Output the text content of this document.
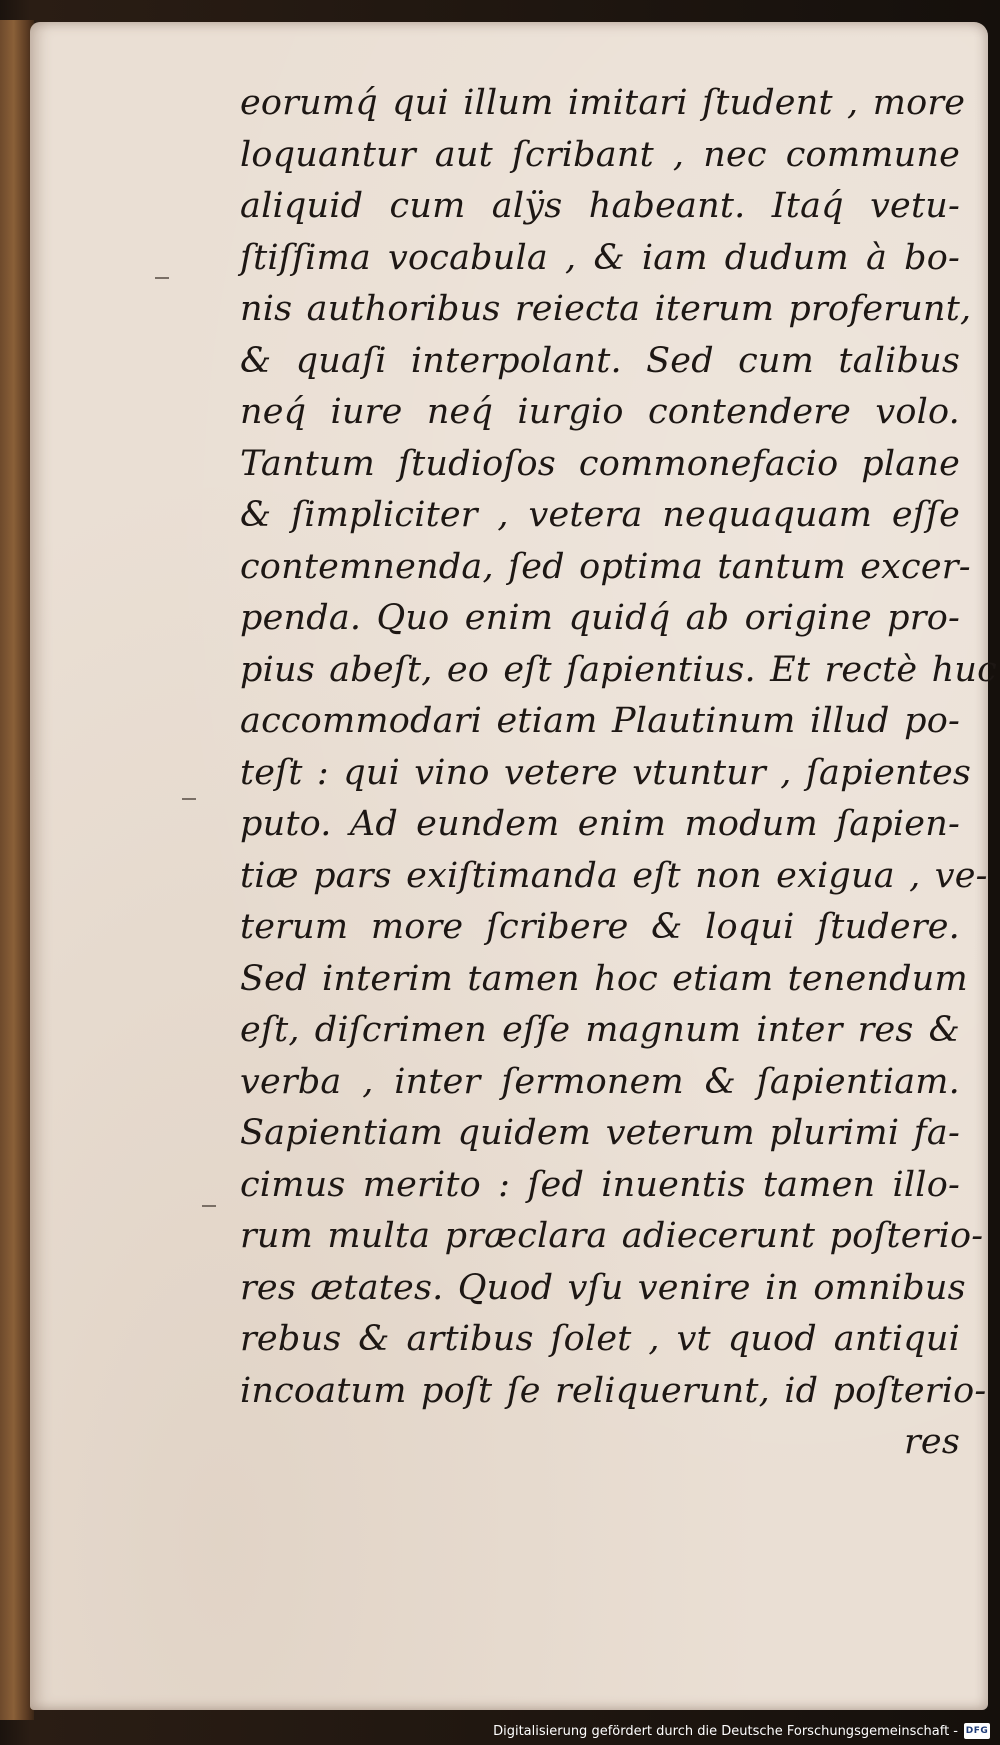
eorumq́ qui illum imitari ſtudent , more
loquantur aut ſcribant , nec commune
aliquid cum alÿs habeant. Itaq́ vetu-
ſtiſſima vocabula , & iam dudum à bo-
nis authoribus reiecta iterum proferunt,
& quaſi interpolant. Sed cum talibus
neq́ iure neq́ iurgio contendere volo.
Tantum ſtudioſos commonefacio plane
& ſimpliciter , vetera nequaquam eſſe
contemnenda, ſed optima tantum excer-
penda. Quo enim quidq́ ab origine pro-
pius abeſt, eo eſt ſapientius. Et rectè huc
accommodari etiam Plautinum illud po-
teſt : qui vino vetere vtuntur , ſapientes
puto. Ad eundem enim modum ſapien-
tiæ pars exiſtimanda eſt non exigua , ve-
terum more ſcribere & loqui ſtudere.
Sed interim tamen hoc etiam tenendum
eſt, diſcrimen eſſe magnum inter res &
verba , inter ſermonem & ſapientiam.
Sapientiam quidem veterum plurimi fa-
cimus merito : ſed inuentis tamen illo-
rum multa præclara adiecerunt poſterio-
res ætates. Quod vſu venire in omnibus
rebus & artibus ſolet , vt quod antiqui
incoatum poſt ſe reliquerunt, id poſterio-
res
Digitalisierung gefördert durch die Deutsche Forschungsgemeinschaft - DFG
